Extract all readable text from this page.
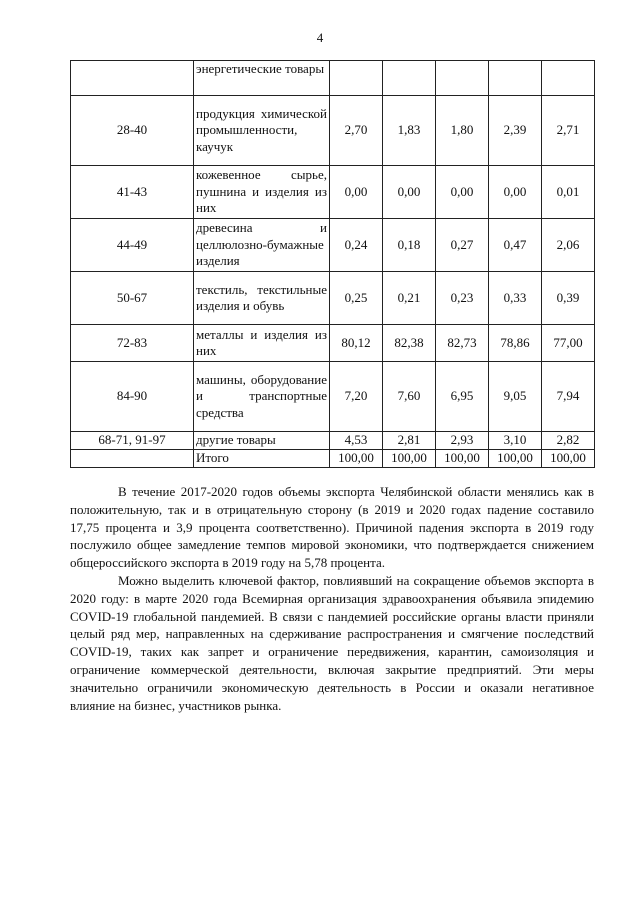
4
	энергетические товары					
28-40	продукция химической промышленности, каучук	2,70	1,83	1,80	2,39	2,71
41-43	кожевенное сырье, пушнина и изделия из них	0,00	0,00	0,00	0,00	0,01
44-49	древесина и целлюлозно-бумажные изделия	0,24	0,18	0,27	0,47	2,06
50-67	текстиль, текстильные изделия и обувь	0,25	0,21	0,23	0,33	0,39
72-83	металлы и изделия из них	80,12	82,38	82,73	78,86	77,00
84-90	машины, оборудование и транспортные средства	7,20	7,60	6,95	9,05	7,94
68-71, 91-97	другие товары	4,53	2,81	2,93	3,10	2,82
	Итого	100,00	100,00	100,00	100,00	100,00

В течение 2017-2020 годов объемы экспорта Челябинской области менялись как в положительную, так и в отрицательную сторону (в 2019 и 2020 годах падение составило 17,75 процента и 3,9 процента соответственно). Причиной падения экспорта в 2019 году послужило общее замедление темпов мировой экономики, что подтверждается снижением общероссийского экспорта в 2019 году на 5,78 процента.

Можно выделить ключевой фактор, повлиявший на сокращение объемов экспорта в 2020 году: в марте 2020 года Всемирная организация здравоохранения объявила эпидемию COVID-19 глобальной пандемией. В связи с пандемией российские органы власти приняли целый ряд мер, направленных на сдерживание распространения и смягчение последствий COVID-19, таких как запрет и ограничение передвижения, карантин, самоизоляция и ограничение коммерческой деятельности, включая закрытие предприятий. Эти меры значительно ограничили экономическую деятельность в России и оказали негативное влияние на бизнес, участников рынка.
